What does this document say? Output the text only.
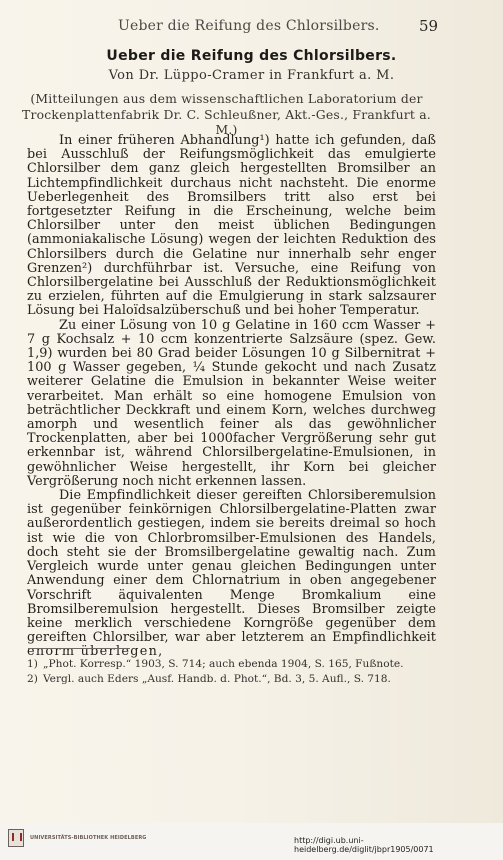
Ueber die Reifung des Chlorsilbers.	59
Ueber die Reifung des Chlorsilbers.
Von Dr. Lüppo-Cramer in Frankfurt a. M.
(Mitteilungen aus dem wissenschaftlichen Laboratorium der Trockenplattenfabrik Dr. C. Schleußner, Akt.-Ges., Frankfurt a. M.)

In einer früheren Abhandlung¹) hatte ich gefunden, daß bei Ausschluß der Reifungsmöglichkeit das emulgierte Chlorsilber dem ganz gleich hergestellten Bromsilber an Lichtempfindlichkeit durchaus nicht nachsteht. Die enorme Ueberlegenheit des Bromsilbers tritt also erst bei fortgesetzter Reifung in die Erscheinung, welche beim Chlorsilber unter den meist üblichen Bedingungen (ammoniakalische Lösung) wegen der leichten Reduktion des Chlorsilbers durch die Gelatine nur innerhalb sehr enger Grenzen²) durchführbar ist. Versuche, eine Reifung von Chlorsilbergelatine bei Ausschluß der Reduktionsmöglichkeit zu erzielen, führten auf die Emulgierung in stark salzsaurer Lösung bei Haloïdsalzüberschuß und bei hoher Temperatur.

Zu einer Lösung von 10 g Gelatine in 160 ccm Wasser + 7 g Kochsalz + 10 ccm konzentrierte Salzsäure (spez. Gew. 1,9) wurden bei 80 Grad beider Lösungen 10 g Silbernitrat + 100 g Wasser gegeben, ¼ Stunde gekocht und nach Zusatz weiterer Gelatine die Emulsion in bekannter Weise weiter verarbeitet. Man erhält so eine homogene Emulsion von beträchtlicher Deckkraft und einem Korn, welches durchweg amorph und wesentlich feiner als das gewöhnlicher Trockenplatten, aber bei 1000facher Vergrößerung sehr gut erkennbar ist, während Chlorsilbergelatine-Emulsionen, in gewöhnlicher Weise hergestellt, ihr Korn bei gleicher Vergrößerung noch nicht erkennen lassen.

Die Empfindlichkeit dieser gereiften Chlorsiberemulsion ist gegenüber feinkörnigen Chlorsilbergelatine-Platten zwar außerordentlich gestiegen, indem sie bereits dreimal so hoch ist wie die von Chlorbromsilber-Emulsionen des Handels, doch steht sie der Bromsilbergelatine gewaltig nach. Zum Vergleich wurde unter genau gleichen Bedingungen unter Anwendung einer dem Chlornatrium in oben angegebener Vorschrift äquivalenten Menge Bromkalium eine Bromsilberemulsion hergestellt. Dieses Bromsilber zeigte keine merklich verschiedene Korngröße gegenüber dem gereiften Chlorsilber, war aber letzterem an Empfindlichkeit enorm überlegen,

1) „Phot. Korresp.“ 1903, S. 714; auch ebenda 1904, S. 165, Fußnote.
2) Vergl. auch Eders „Ausf. Handb. d. Phot.“, Bd. 3, 5. Aufl., S. 718.
UNIVERSITÄTS-BIBLIOTHEK HEIDELBERG	http://digi.ub.uni-heidelberg.de/diglit/jbpr1905/0071
